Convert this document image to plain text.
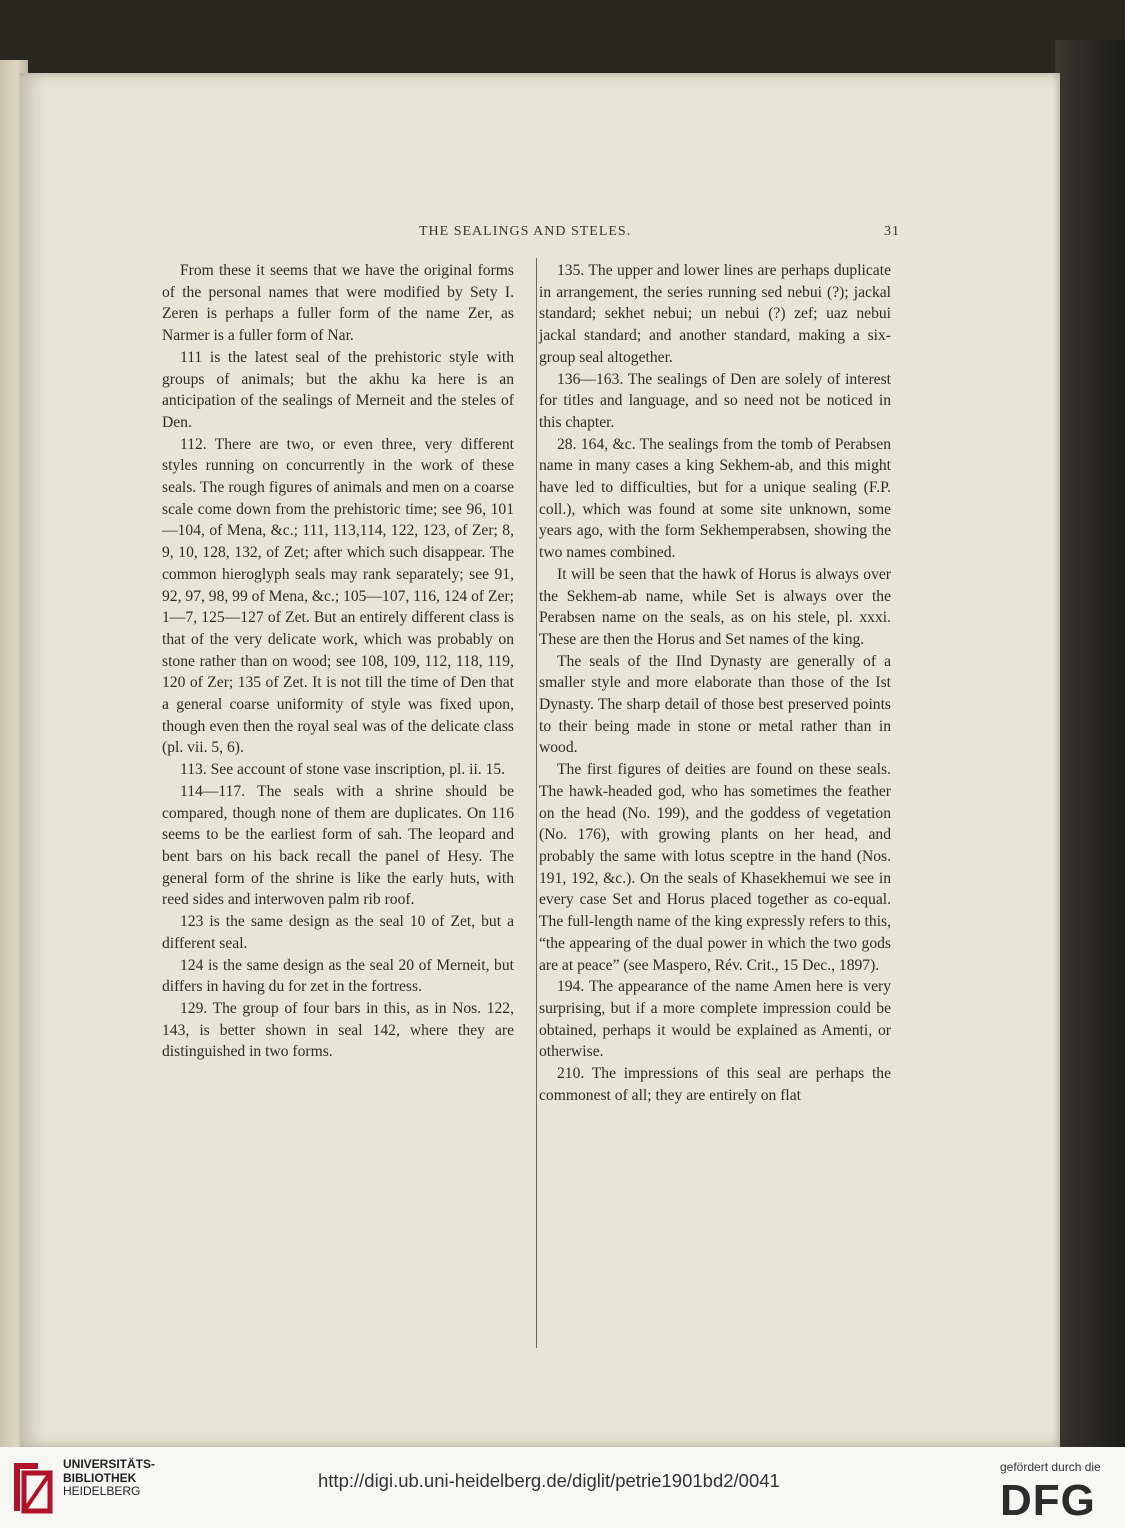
THE SEALINGS AND STELES.	31

From these it seems that we have the original forms of the personal names that were modified by Sety I. Zeren is perhaps a fuller form of the name Zer, as Narmer is a fuller form of Nar.

111 is the latest seal of the prehistoric style with groups of animals; but the akhu ka here is an anticipation of the sealings of Merneit and the steles of Den.

112. There are two, or even three, very different styles running on concurrently in the work of these seals. The rough figures of animals and men on a coarse scale come down from the prehistoric time; see 96, 101—104, of Mena, &c.; 111, 113,114, 122, 123, of Zer; 8, 9, 10, 128, 132, of Zet; after which such disappear. The common hieroglyph seals may rank separately; see 91, 92, 97, 98, 99 of Mena, &c.; 105—107, 116, 124 of Zer; 1—7, 125—127 of Zet. But an entirely different class is that of the very delicate work, which was probably on stone rather than on wood; see 108, 109, 112, 118, 119, 120 of Zer; 135 of Zet. It is not till the time of Den that a general coarse uniformity of style was fixed upon, though even then the royal seal was of the delicate class (pl. vii. 5, 6).

113. See account of stone vase inscription, pl. ii. 15.

114—117. The seals with a shrine should be compared, though none of them are duplicates. On 116 seems to be the earliest form of sah. The leopard and bent bars on his back recall the panel of Hesy. The general form of the shrine is like the early huts, with reed sides and interwoven palm rib roof.

123 is the same design as the seal 10 of Zet, but a different seal.

124 is the same design as the seal 20 of Merneit, but differs in having du for zet in the fortress.

129. The group of four bars in this, as in Nos. 122, 143, is better shown in seal 142, where they are distinguished in two forms.

135. The upper and lower lines are perhaps duplicate in arrangement, the series running sed nebui (?); jackal standard; sekhet nebui; un nebui (?) zef; uaz nebui jackal standard; and another standard, making a six-group seal altogether.

136—163. The sealings of Den are solely of interest for titles and language, and so need not be noticed in this chapter.

28. 164, &c. The sealings from the tomb of Perabsen name in many cases a king Sekhem-ab, and this might have led to difficulties, but for a unique sealing (F.P. coll.), which was found at some site unknown, some years ago, with the form Sekhemperabsen, showing the two names combined.

It will be seen that the hawk of Horus is always over the Sekhem-ab name, while Set is always over the Perabsen name on the seals, as on his stele, pl. xxxi. These are then the Horus and Set names of the king.

The seals of the IInd Dynasty are generally of a smaller style and more elaborate than those of the Ist Dynasty. The sharp detail of those best preserved points to their being made in stone or metal rather than in wood.

The first figures of deities are found on these seals. The hawk-headed god, who has sometimes the feather on the head (No. 199), and the goddess of vegetation (No. 176), with growing plants on her head, and probably the same with lotus sceptre in the hand (Nos. 191, 192, &c.). On the seals of Khasekhemui we see in every case Set and Horus placed together as co-equal. The full-length name of the king expressly refers to this, “the appearing of the dual power in which the two gods are at peace” (see Maspero, Rév. Crit., 15 Dec., 1897).

194. The appearance of the name Amen here is very surprising, but if a more complete impression could be obtained, perhaps it would be explained as Amenti, or otherwise.

210. The impressions of this seal are perhaps the commonest of all; they are entirely on flat

UNIVERSITÄTS-
BIBLIOTHEK
HEIDELBERG	http://digi.ub.uni-heidelberg.de/diglit/petrie1901bd2/0041
gefördert durch die
DFG
